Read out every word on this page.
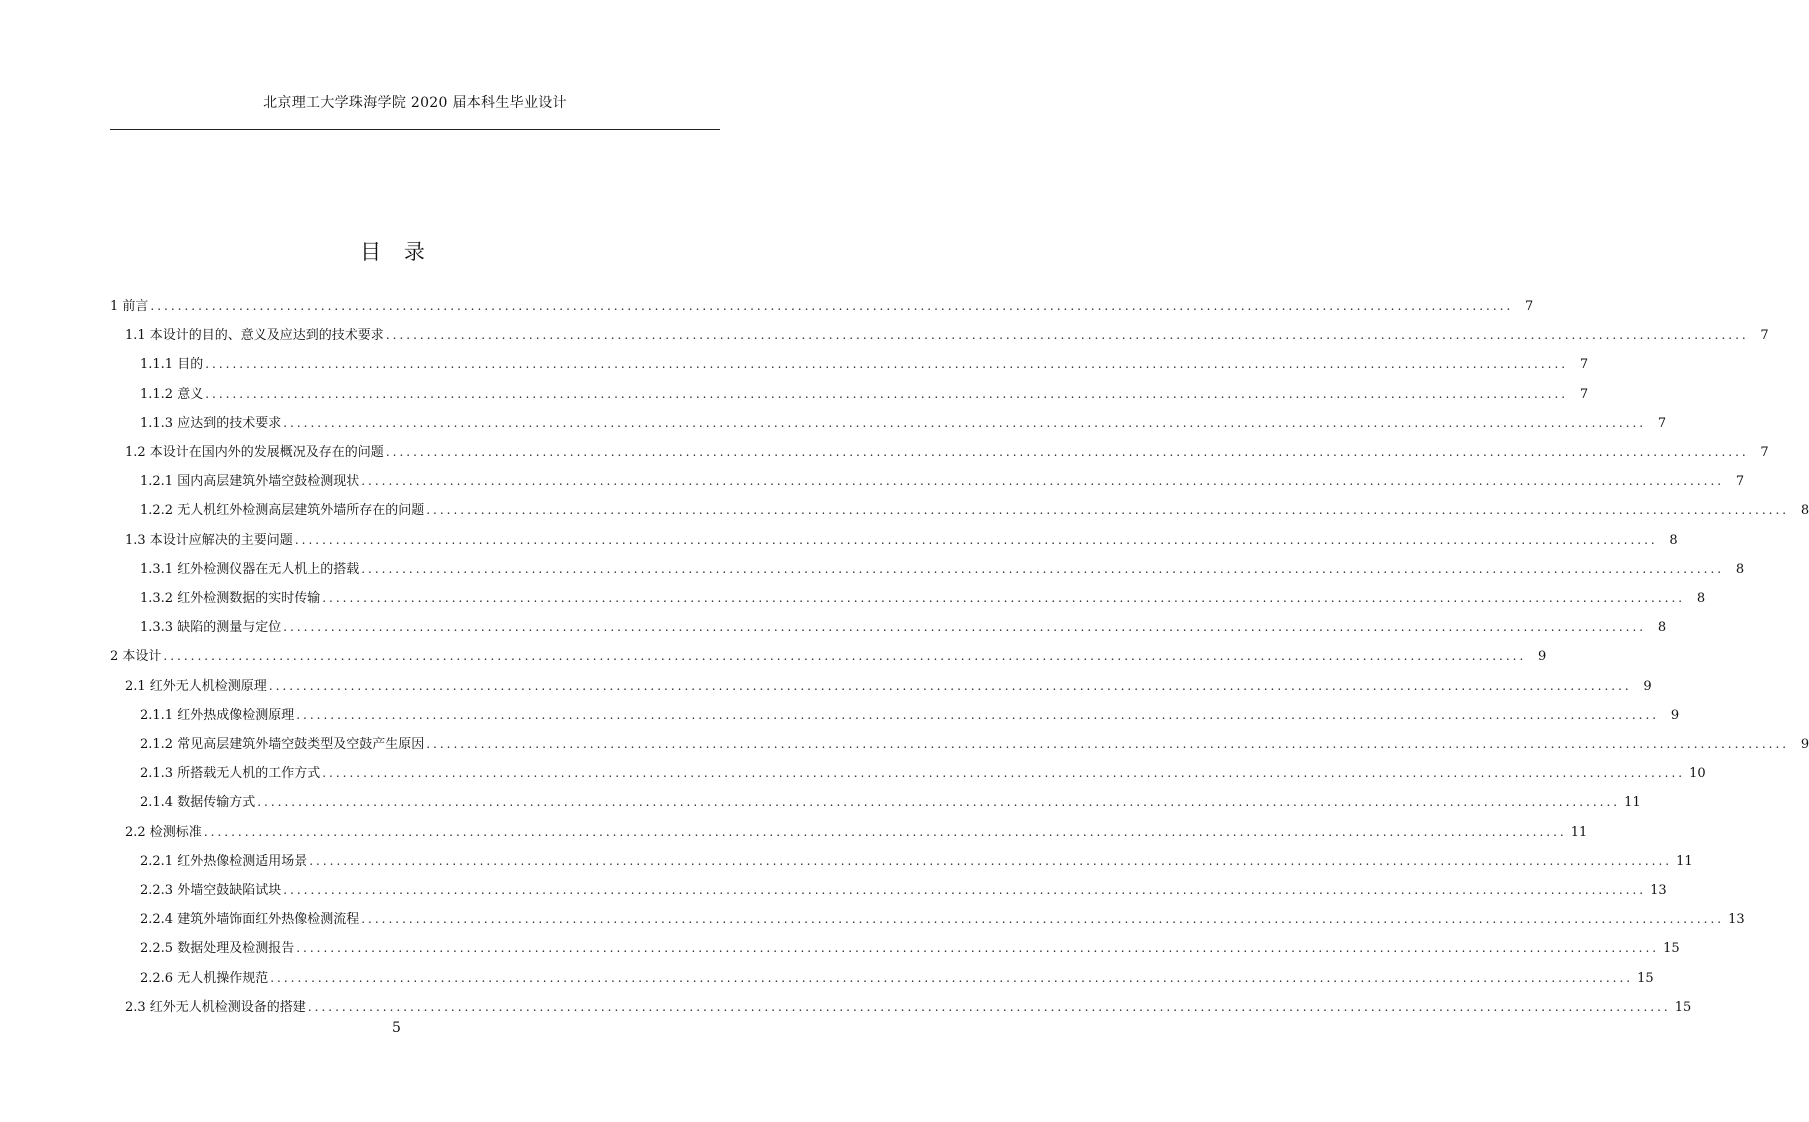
北京理工大学珠海学院 2020 届本科生毕业设计
目 录
1 前言 ........................................................................................................................................................................................................ 7
1.1 本设计的目的、意义及应达到的技术要求 ........................................................................................................................................................................................................ 7
1.1.1 目的 ........................................................................................................................................................................................................ 7
1.1.2 意义 ........................................................................................................................................................................................................ 7
1.1.3 应达到的技术要求 ........................................................................................................................................................................................................ 7
1.2 本设计在国内外的发展概况及存在的问题 ........................................................................................................................................................................................................ 7
1.2.1 国内高层建筑外墙空鼓检测现状 ........................................................................................................................................................................................................ 7
1.2.2 无人机红外检测高层建筑外墙所存在的问题 ........................................................................................................................................................................................................ 8
1.3 本设计应解决的主要问题 ........................................................................................................................................................................................................ 8
1.3.1 红外检测仪器在无人机上的搭载 ........................................................................................................................................................................................................ 8
1.3.2 红外检测数据的实时传输 ........................................................................................................................................................................................................ 8
1.3.3 缺陷的测量与定位 ........................................................................................................................................................................................................ 8
2 本设计 ........................................................................................................................................................................................................ 9
2.1 红外无人机检测原理 ........................................................................................................................................................................................................ 9
2.1.1 红外热成像检测原理 ........................................................................................................................................................................................................ 9
2.1.2 常见高层建筑外墙空鼓类型及空鼓产生原因 ........................................................................................................................................................................................................ 9
2.1.3 所搭载无人机的工作方式 ........................................................................................................................................................................................................ 10
2.1.4 数据传输方式 ........................................................................................................................................................................................................ 11
2.2 检测标准 ........................................................................................................................................................................................................ 11
2.2.1 红外热像检测适用场景 ........................................................................................................................................................................................................ 11
2.2.3 外墙空鼓缺陷试块 ........................................................................................................................................................................................................ 13
2.2.4 建筑外墙饰面红外热像检测流程 ........................................................................................................................................................................................................ 13
2.2.5 数据处理及检测报告 ........................................................................................................................................................................................................ 15
2.2.6 无人机操作规范 ........................................................................................................................................................................................................ 15
2.3 红外无人机检测设备的搭建 ........................................................................................................................................................................................................ 15
5
